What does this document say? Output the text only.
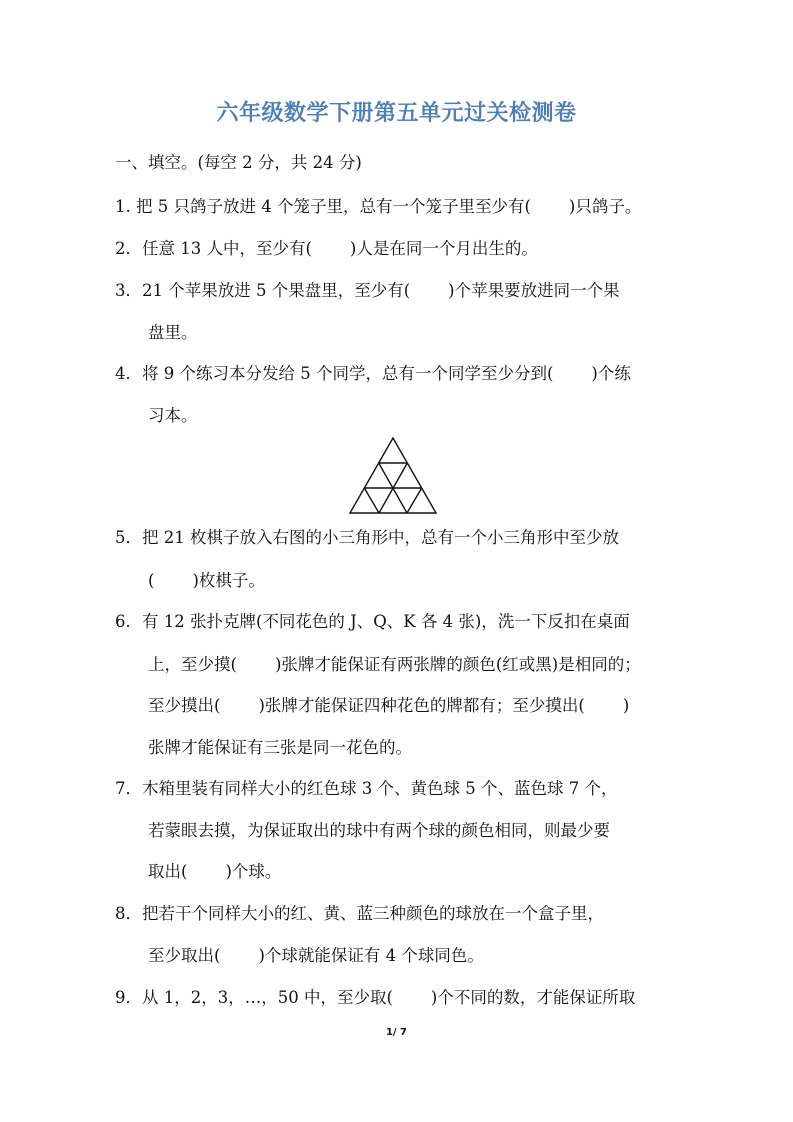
六年级数学下册第五单元过关检测卷
一、填空。(每空 2 分，共 24 分)
1. 把 5 只鸽子放进 4 个笼子里，总有一个笼子里至少有( )只鸽子。
2．任意 13 人中，至少有( )人是在同一个月出生的。
3．21 个苹果放进 5 个果盘里，至少有( )个苹果要放进同一个果
盘里。
4．将 9 个练习本分发给 5 个同学，总有一个同学至少分到( )个练
习本。
5．把 21 枚棋子放入右图的小三角形中，总有一个小三角形中至少放
( )枚棋子。
6．有 12 张扑克牌(不同花色的 J、Q、K 各 4 张)，洗一下反扣在桌面
上，至少摸( )张牌才能保证有两张牌的颜色(红或黑)是相同的；
至少摸出( )张牌才能保证四种花色的牌都有；至少摸出( )
张牌才能保证有三张是同一花色的。
7．木箱里装有同样大小的红色球 3 个、黄色球 5 个、蓝色球 7 个，
若蒙眼去摸，为保证取出的球中有两个球的颜色相同，则最少要
取出( )个球。
8．把若干个同样大小的红、黄、蓝三种颜色的球放在一个盒子里，
至少取出( )个球就能保证有 4 个球同色。
9．从 1，2，3，…，50 中，至少取( )个不同的数，才能保证所取
1/ 7
